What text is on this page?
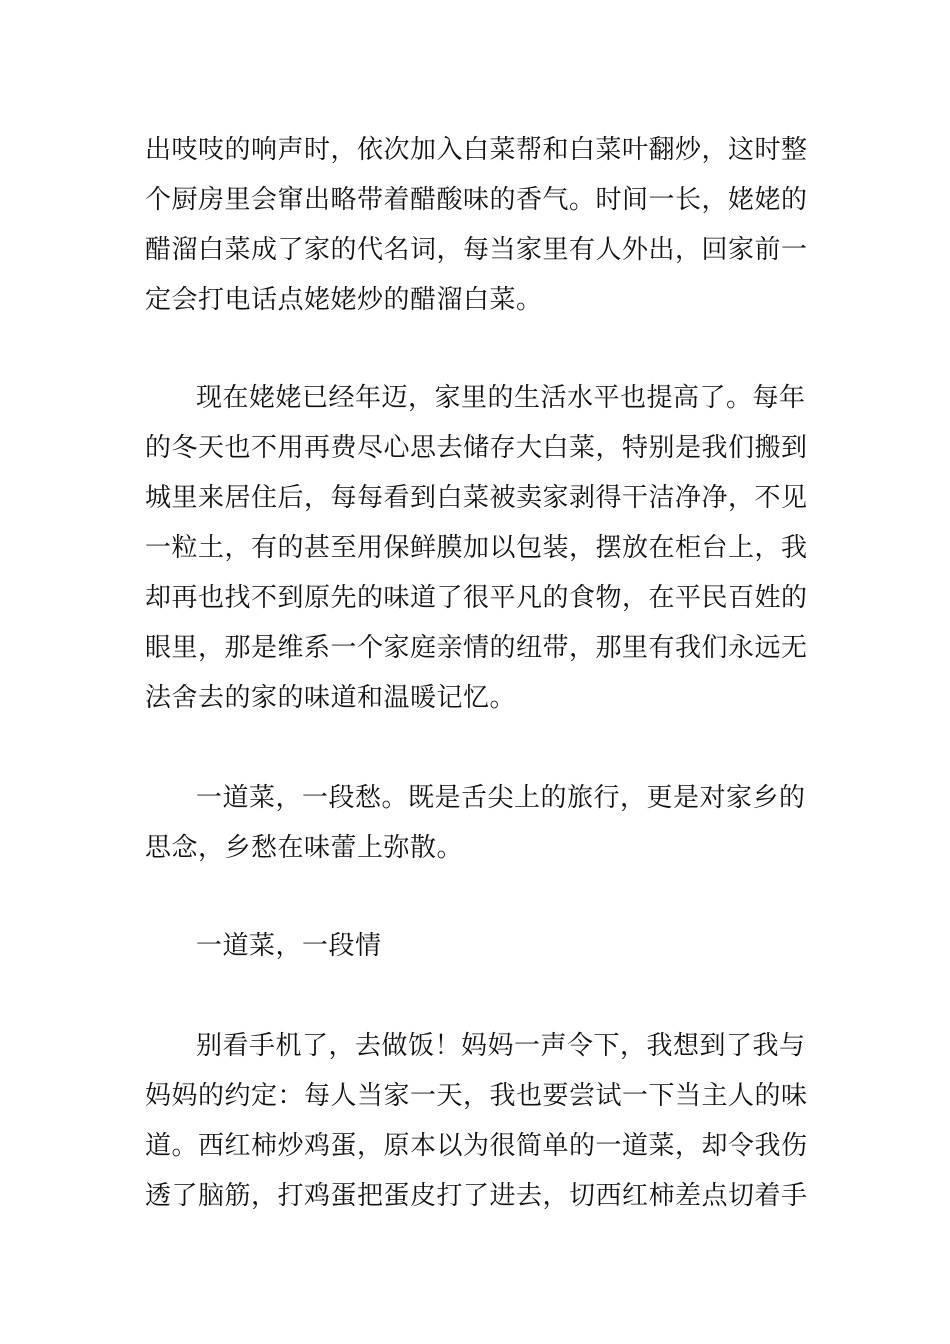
出吱吱的响声时，依次加入白菜帮和白菜叶翻炒，这时整
个厨房里会窜出略带着醋酸味的香气。时间一长，姥姥的
醋溜白菜成了家的代名词，每当家里有人外出，回家前一
定会打电话点姥姥炒的醋溜白菜。
现在姥姥已经年迈，家里的生活水平也提高了。每年
的冬天也不用再费尽心思去储存大白菜，特别是我们搬到
城里来居住后，每每看到白菜被卖家剥得干洁净净，不见
一粒土，有的甚至用保鲜膜加以包装，摆放在柜台上，我
却再也找不到原先的味道了很平凡的食物，在平民百姓的
眼里，那是维系一个家庭亲情的纽带，那里有我们永远无
法舍去的家的味道和温暖记忆。
一道菜，一段愁。既是舌尖上的旅行，更是对家乡的
思念，乡愁在味蕾上弥散。
一道菜，一段情
别看手机了，去做饭！妈妈一声令下，我想到了我与
妈妈的约定：每人当家一天，我也要尝试一下当主人的味
道。西红柿炒鸡蛋，原本以为很简单的一道菜，却令我伤
透了脑筋，打鸡蛋把蛋皮打了进去，切西红柿差点切着手
